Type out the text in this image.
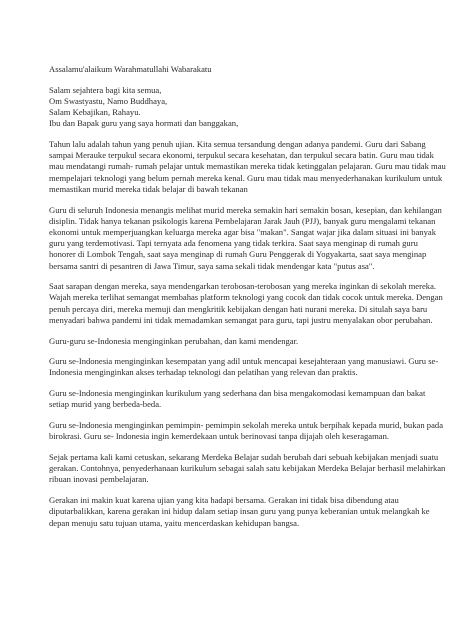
Assalamu'alaikum Warahmatullahi Wabarakatu

Salam sejahtera bagi kita semua,

Om Swastyastu, Namo Buddhaya,

Salam Kebajikan, Rahayu.

Ibu dan Bapak guru yang saya hormati dan banggakan,

Tahun lalu adalah tahun yang penuh ujian. Kita semua tersandung dengan adanya pandemi. Guru dari Sabang sampai Merauke terpukul secara ekonomi, terpukul secara kesehatan, dan terpukul secara batin. Guru mau tidak mau mendatangi rumah- rumah pelajar untuk memastikan mereka tidak ketinggalan pelajaran. Guru mau tidak mau mempelajari teknologi yang belum pernah mereka kenal. Guru mau tidak mau menyederhanakan kurikulum untuk memastikan murid mereka tidak belajar di bawah tekanan

Guru di seluruh Indonesia menangis melihat murid mereka semakin hari semakin bosan, kesepian, dan kehilangan disiplin. Tidak hanya tekanan psikologis karena Pembelajaran Jarak Jauh (PJJ), banyak guru mengalami tekanan ekonomi untuk memperjuangkan keluarga mereka agar bisa "makan". Sangat wajar jika dalam situasi ini banyak guru yang terdemotivasi. Tapi ternyata ada fenomena yang tidak terkira. Saat saya menginap di rumah guru honorer di Lombok Tengah, saat saya menginap di rumah Guru Penggerak di Yogyakarta, saat saya menginap bersama santri di pesantren di Jawa Timur, saya sama sekali tidak mendengar kata "putus asa".

Saat sarapan dengan mereka, saya mendengarkan terobosan-terobosan yang mereka inginkan di sekolah mereka. Wajah mereka terlihat semangat membahas platform teknologi yang cocok dan tidak cocok untuk mereka. Dengan penuh percaya diri, mereka memuji dan mengkritik kebijakan dengan hati nurani mereka. Di situlah saya baru menyadari bahwa pandemi ini tidak memadamkan semangat para guru, tapi justru menyalakan obor perubahan.

Guru-guru se-Indonesia menginginkan perubahan, dan kami mendengar.

Guru se-Indonesia menginginkan kesempatan yang adil untuk mencapai kesejahteraan yang manusiawi. Guru se-Indonesia menginginkan akses terhadap teknologi dan pelatihan yang relevan dan praktis.

Guru se-Indonesia menginginkan kurikulum yang sederhana dan bisa mengakomodasi kemampuan dan bakat setiap murid yang berbeda-beda.

Guru se-Indonesia menginginkan pemimpin- pemimpin sekolah mereka untuk berpihak kepada murid, bukan pada birokrasi. Guru se- Indonesia ingin kemerdekaan untuk berinovasi tanpa dijajah oleh keseragaman.

Sejak pertama kali kami cetuskan, sekarang Merdeka Belajar sudah berubah dari sebuah kebijakan menjadi suatu gerakan. Contohnya, penyederhanaan kurikulum sebagai salah satu kebijakan Merdeka Belajar berhasil melahirkan ribuan inovasi pembelajaran.

Gerakan ini makin kuat karena ujian yang kita hadapi bersama. Gerakan ini tidak bisa dibendung atau diputarbalikkan, karena gerakan ini hidup dalam setiap insan guru yang punya keberanian untuk melangkah ke depan menuju satu tujuan utama, yaitu mencerdaskan kehidupan bangsa.
